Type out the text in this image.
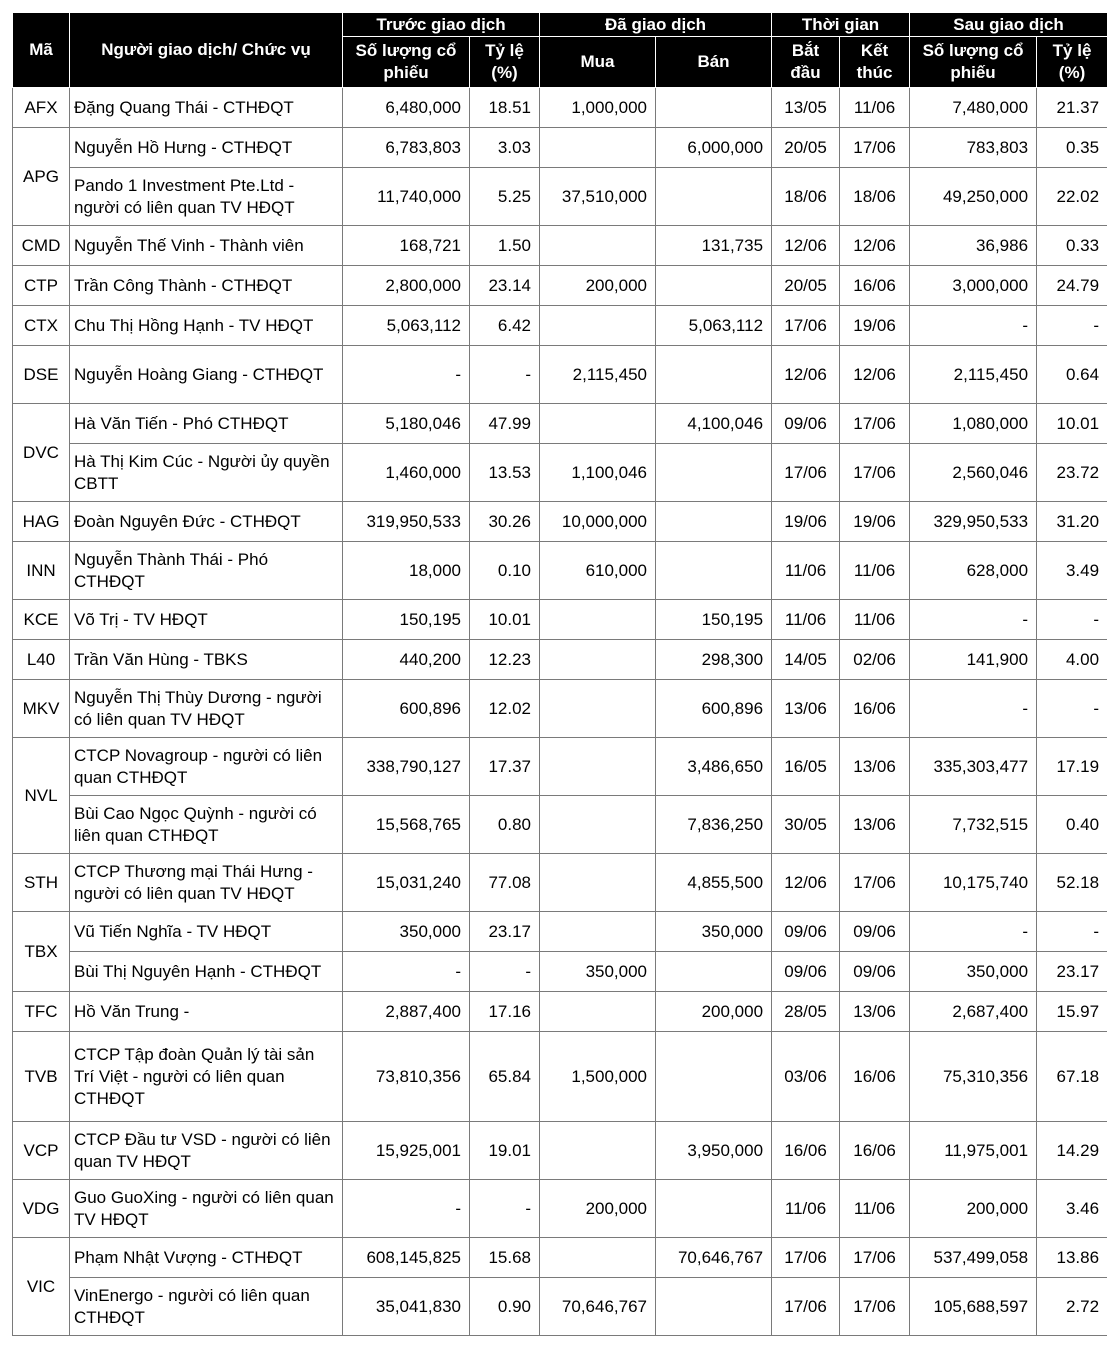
Mã	Người giao dịch/ Chức vụ	Trước giao dịch		Đã giao dịch		Thời gian		Sau giao dịch	
		Số lượng cổ phiếu	Tỷ lệ (%)	Mua	Bán	Bắt đầu	Kết thúc	Số lượng cổ phiếu	Tỷ lệ (%)
AFX	Đặng Quang Thái - CTHĐQT	6,480,000	18.51	1,000,000		13/05	11/06	7,480,000	21.37
APG	Nguyễn Hồ Hưng - CTHĐQT	6,783,803	3.03		6,000,000	20/05	17/06	783,803	0.35
	Pando 1 Investment Pte.Ltd - người có liên quan TV HĐQT	11,740,000	5.25	37,510,000		18/06	18/06	49,250,000	22.02
CMD	Nguyễn Thế Vinh - Thành viên	168,721	1.50		131,735	12/06	12/06	36,986	0.33
CTP	Trần Công Thành - CTHĐQT	2,800,000	23.14	200,000		20/05	16/06	3,000,000	24.79
CTX	Chu Thị Hồng Hạnh - TV HĐQT	5,063,112	6.42		5,063,112	17/06	19/06	-	-
DSE	Nguyễn Hoàng Giang - CTHĐQT	-	-	2,115,450		12/06	12/06	2,115,450	0.64
DVC	Hà Văn Tiến - Phó CTHĐQT	5,180,046	47.99		4,100,046	09/06	17/06	1,080,000	10.01
	Hà Thị Kim Cúc - Người ủy quyền CBTT	1,460,000	13.53	1,100,046		17/06	17/06	2,560,046	23.72
HAG	Đoàn Nguyên Đức - CTHĐQT	319,950,533	30.26	10,000,000		19/06	19/06	329,950,533	31.20
INN	Nguyễn Thành Thái - Phó CTHĐQT	18,000	0.10	610,000		11/06	11/06	628,000	3.49
KCE	Võ Trị - TV HĐQT	150,195	10.01		150,195	11/06	11/06	-	-
L40	Trần Văn Hùng - TBKS	440,200	12.23		298,300	14/05	02/06	141,900	4.00
MKV	Nguyễn Thị Thùy Dương - người có liên quan TV HĐQT	600,896	12.02		600,896	13/06	16/06	-	-
NVL	CTCP Novagroup - người có liên quan CTHĐQT	338,790,127	17.37		3,486,650	16/05	13/06	335,303,477	17.19
	Bùi Cao Ngọc Quỳnh - người có liên quan CTHĐQT	15,568,765	0.80		7,836,250	30/05	13/06	7,732,515	0.40
STH	CTCP Thương mại Thái Hưng - người có liên quan TV HĐQT	15,031,240	77.08		4,855,500	12/06	17/06	10,175,740	52.18
TBX	Vũ Tiến Nghĩa - TV HĐQT	350,000	23.17		350,000	09/06	09/06	-	-
	Bùi Thị Nguyên Hạnh - CTHĐQT	-	-	350,000		09/06	09/06	350,000	23.17
TFC	Hồ Văn Trung -	2,887,400	17.16		200,000	28/05	13/06	2,687,400	15.97
TVB	CTCP Tập đoàn Quản lý tài sản Trí Việt - người có liên quan CTHĐQT	73,810,356	65.84	1,500,000		03/06	16/06	75,310,356	67.18
VCP	CTCP Đầu tư VSD - người có liên quan TV HĐQT	15,925,001	19.01		3,950,000	16/06	16/06	11,975,001	14.29
VDG	Guo GuoXing - người có liên quan TV HĐQT	-	-	200,000		11/06	11/06	200,000	3.46
VIC	Phạm Nhật Vượng - CTHĐQT	608,145,825	15.68		70,646,767	17/06	17/06	537,499,058	13.86
	VinEnergo - người có liên quan CTHĐQT	35,041,830	0.90	70,646,767		17/06	17/06	105,688,597	2.72
